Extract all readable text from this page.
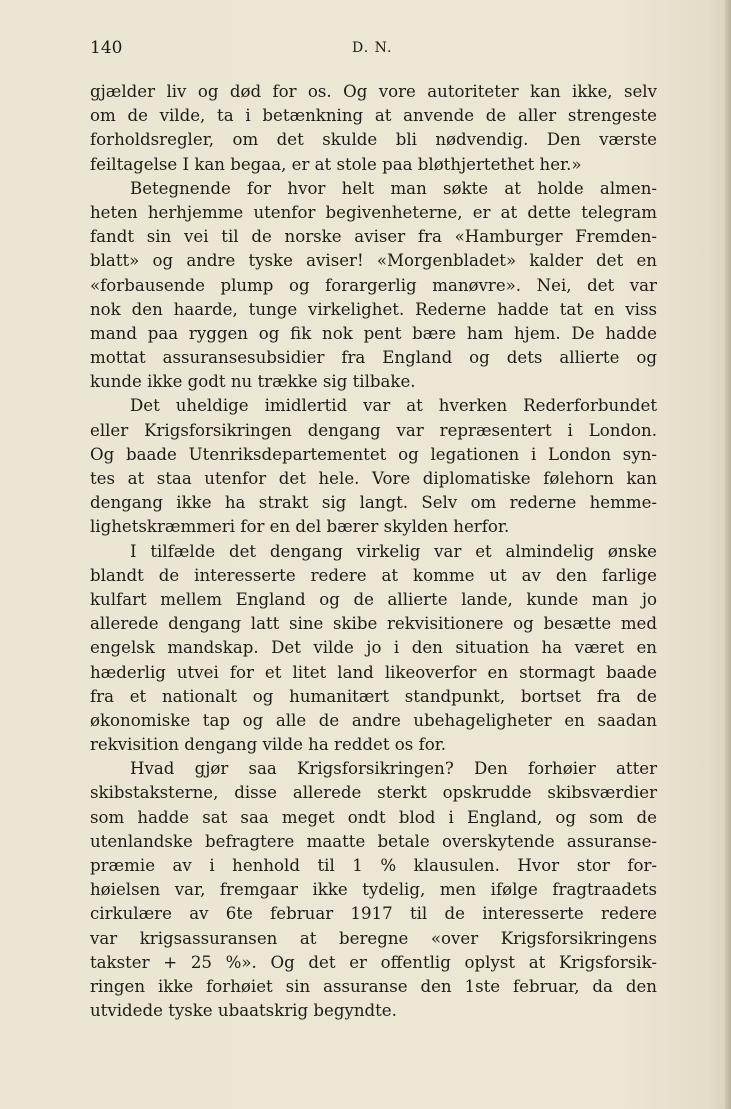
140	D. N.
gjælder liv og død for os. Og vore autoriteter kan ikke, selv
om de vilde, ta i betænkning at anvende de aller strengeste
forholdsregler, om det skulde bli nødvendig. Den værste
feiltagelse I kan begaa, er at stole paa bløthjertethet her.»
Betegnende for hvor helt man søkte at holde almen-
heten herhjemme utenfor begivenheterne, er at dette telegram
fandt sin vei til de norske aviser fra «Hamburger Fremden-
blatt» og andre tyske aviser! «Morgenbladet» kalder det en
«forbausende plump og forargerlig manøvre». Nei, det var
nok den haarde, tunge virkelighet. Rederne hadde tat en viss
mand paa ryggen og fik nok pent bære ham hjem. De hadde
mottat assuransesubsidier fra England og dets allierte og
kunde ikke godt nu trække sig tilbake.
Det uheldige imidlertid var at hverken Rederforbundet
eller Krigsforsikringen dengang var repræsentert i London.
Og baade Utenriksdepartementet og legationen i London syn-
tes at staa utenfor det hele. Vore diplomatiske følehorn kan
dengang ikke ha strakt sig langt. Selv om rederne hemme-
lighetskræmmeri for en del bærer skylden herfor.
I tilfælde det dengang virkelig var et almindelig ønske
blandt de interesserte redere at komme ut av den farlige
kulfart mellem England og de allierte lande, kunde man jo
allerede dengang latt sine skibe rekvisitionere og besætte med
engelsk mandskap. Det vilde jo i den situation ha været en
hæderlig utvei for et litet land likeoverfor en stormagt baade
fra et nationalt og humanitært standpunkt, bortset fra de
økonomiske tap og alle de andre ubehageligheter en saadan
rekvisition dengang vilde ha reddet os for.
Hvad gjør saa Krigsforsikringen? Den forhøier atter
skibstaksterne, disse allerede sterkt opskrudde skibsværdier
som hadde sat saa meget ondt blod i England, og som de
utenlandske befragtere maatte betale overskytende assuranse-
præmie av i henhold til 1 % klausulen. Hvor stor for-
høielsen var, fremgaar ikke tydelig, men ifølge fragtraadets
cirkulære av 6te februar 1917 til de interesserte redere
var krigsassuransen at beregne «over Krigsforsikringens
takster + 25 %». Og det er offentlig oplyst at Krigsforsik-
ringen ikke forhøiet sin assuranse den 1ste februar, da den
utvidede tyske ubaatskrig begyndte.
